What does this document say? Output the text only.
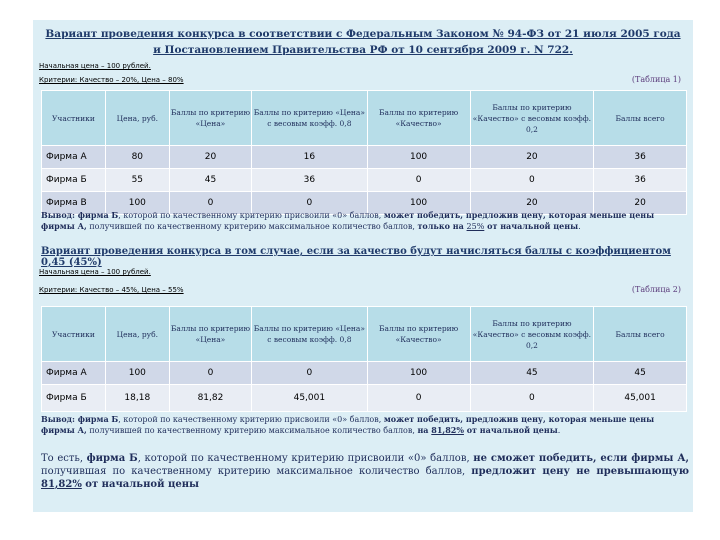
Вариант проведения конкурса в соответствии с Федеральным Законом № 94-ФЗ от 21 июля 2005 года
и Постановлением Правительства РФ от 10 сентября 2009 г. N 722.
Начальная цена – 100 рублей.
Критерии: Качество – 20%, Цена – 80%	(Таблица 1)
Участники	Цена, руб.	Баллы по критерию «Цена»	Баллы по критерию «Цена» с весовым коэфф. 0,8	Баллы по критерию «Качество»	Баллы по критерию «Качество» с весовым коэфф. 0,2	Баллы всего
Фирма А	80	20	16	100	20	36
Фирма Б	55	45	36	0	0	36
Фирма В	100	0	0	100	20	20
Вывод: фирма Б, которой по качественному критерию присвоили «0» баллов, может победить, предложив цену, которая меньше цены фирмы А, получившей по качественному критерию максимальное количество баллов, только на 25% от начальной цены.
Вариант проведения конкурса в том случае, если за качество будут начисляться баллы с коэффициентом 0,45 (45%)
Начальная цена – 100 рублей.
Критерии: Качество – 45%, Цена – 55%	(Таблица 2)
Участники	Цена, руб.	Баллы по критерию «Цена»	Баллы по критерию «Цена» с весовым коэфф. 0,8	Баллы по критерию «Качество»	Баллы по критерию «Качество» с весовым коэфф. 0,2	Баллы всего
Фирма А	100	0	0	100	45	45
Фирма Б	18,18	81,82	45,001	0	0	45,001
Вывод: фирма Б, которой по качественному критерию присвоили «0» баллов, может победить, предложив цену, которая меньше цены фирмы А, получившей по качественному критерию максимальное количество баллов, на 81,82% от начальной цены.
То есть, фирма Б, которой по качественному критерию присвоили «0» баллов, не сможет победить, если фирмы А, получившая по качественному критерию максимальное количество баллов, предложит цену не превышающую 81,82% от начальной цены
